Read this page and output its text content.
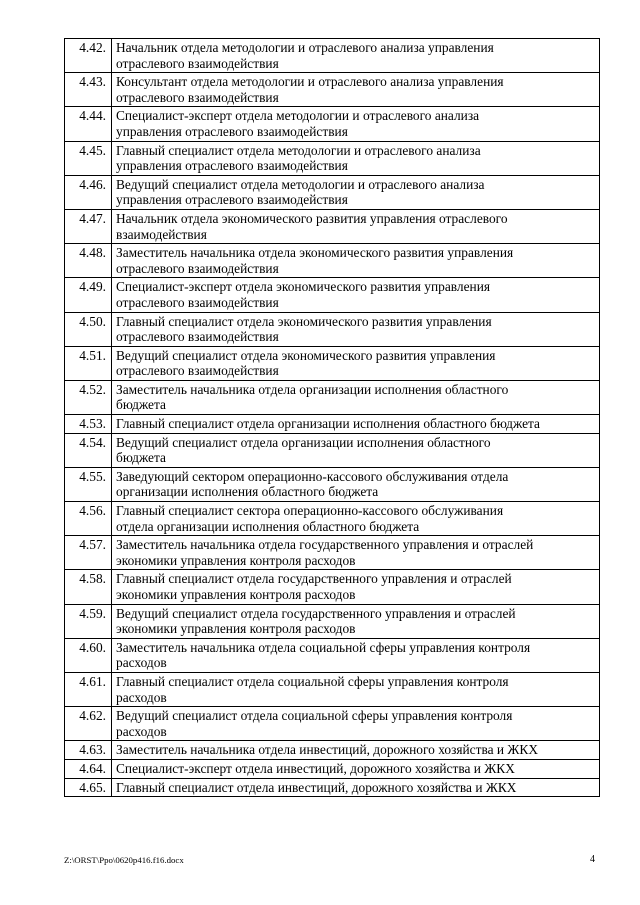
4.42.	Начальник отдела методологии и отраслевого анализа управления
отраслевого взаимодействия
4.43.	Консультант отдела методологии и отраслевого анализа управления
отраслевого взаимодействия
4.44.	Специалист-эксперт отдела методологии и отраслевого анализа
управления отраслевого взаимодействия
4.45.	Главный специалист отдела методологии и отраслевого анализа
управления отраслевого взаимодействия
4.46.	Ведущий специалист отдела методологии и отраслевого анализа
управления отраслевого взаимодействия
4.47.	Начальник отдела экономического развития управления отраслевого
взаимодействия
4.48.	Заместитель начальника отдела экономического развития управления
отраслевого взаимодействия
4.49.	Специалист-эксперт отдела экономического развития управления
отраслевого взаимодействия
4.50.	Главный специалист отдела экономического развития управления
отраслевого взаимодействия
4.51.	Ведущий специалист отдела экономического развития управления
отраслевого взаимодействия
4.52.	Заместитель начальника отдела организации исполнения областного
бюджета
4.53.	Главный специалист отдела организации исполнения областного бюджета
4.54.	Ведущий специалист отдела организации исполнения областного
бюджета
4.55.	Заведующий сектором операционно-кассового обслуживания отдела
организации исполнения областного бюджета
4.56.	Главный специалист сектора операционно-кассового обслуживания
отдела организации исполнения областного бюджета
4.57.	Заместитель начальника отдела государственного управления и отраслей
экономики управления контроля расходов
4.58.	Главный специалист отдела государственного управления и отраслей
экономики управления контроля расходов
4.59.	Ведущий специалист отдела государственного управления и отраслей
экономики управления контроля расходов
4.60.	Заместитель начальника отдела социальной сферы управления контроля
расходов
4.61.	Главный специалист отдела социальной сферы управления контроля
расходов
4.62.	Ведущий специалист отдела социальной сферы управления контроля
расходов
4.63.	Заместитель начальника отдела инвестиций, дорожного хозяйства и ЖКХ
4.64.	Специалист-эксперт отдела инвестиций, дорожного хозяйства и ЖКХ
4.65.	Главный специалист отдела инвестиций, дорожного хозяйства и ЖКХ
Z:\ORST\Ppo\0620p416.f16.docx	4
